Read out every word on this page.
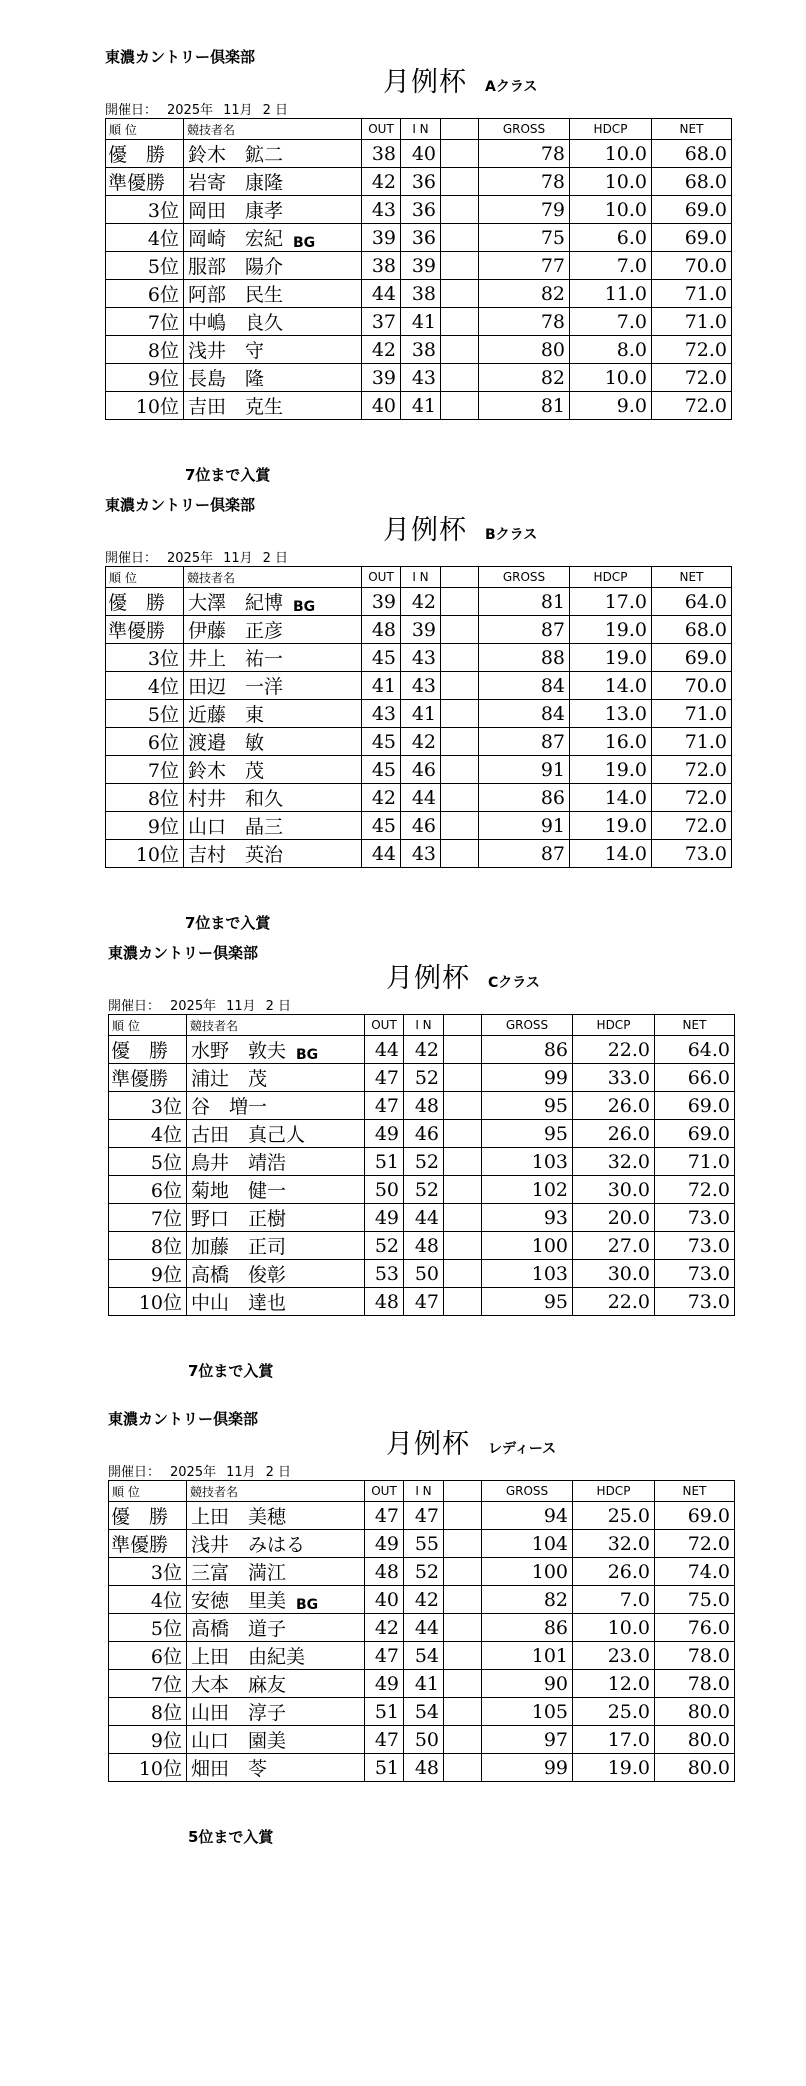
東濃カントリー倶楽部
月例杯 Aクラス
開催日： 2025年 11月 2 日
順 位	競技者名	OUT	I N		GROSS	HDCP	NET
優　勝	鈴木　鉱二	38	40		78	10.0	68.0
準優勝	岩寄　康隆	42	36		78	10.0	68.0
3位	岡田　康孝	43	36		79	10.0	69.0
4位	岡崎　宏紀 BG	39	36		75	6.0	69.0
5位	服部　陽介	38	39		77	7.0	70.0
6位	阿部　民生	44	38		82	11.0	71.0
7位	中嶋　良久	37	41		78	7.0	71.0
8位	浅井　守	42	38		80	8.0	72.0
9位	長島　隆	39	43		82	10.0	72.0
10位	吉田　克生	40	41		81	9.0	72.0
7位まで入賞
東濃カントリー倶楽部
月例杯 Bクラス
開催日： 2025年 11月 2 日
順 位	競技者名	OUT	I N		GROSS	HDCP	NET
優　勝	大澤　紀博 BG	39	42		81	17.0	64.0
準優勝	伊藤　正彦	48	39		87	19.0	68.0
3位	井上　祐一	45	43		88	19.0	69.0
4位	田辺　一洋	41	43		84	14.0	70.0
5位	近藤　東	43	41		84	13.0	71.0
6位	渡邉　敏	45	42		87	16.0	71.0
7位	鈴木　茂	45	46		91	19.0	72.0
8位	村井　和久	42	44		86	14.0	72.0
9位	山口　晶三	45	46		91	19.0	72.0
10位	吉村　英治	44	43		87	14.0	73.0
7位まで入賞
東濃カントリー倶楽部
月例杯 Cクラス
開催日： 2025年 11月 2 日
順 位	競技者名	OUT	I N		GROSS	HDCP	NET
優　勝	水野　敦夫 BG	44	42		86	22.0	64.0
準優勝	浦辻　茂	47	52		99	33.0	66.0
3位	谷　増一	47	48		95	26.0	69.0
4位	古田　真己人	49	46		95	26.0	69.0
5位	鳥井　靖浩	51	52		103	32.0	71.0
6位	菊地　健一	50	52		102	30.0	72.0
7位	野口　正樹	49	44		93	20.0	73.0
8位	加藤　正司	52	48		100	27.0	73.0
9位	高橋　俊彰	53	50		103	30.0	73.0
10位	中山　達也	48	47		95	22.0	73.0
7位まで入賞
東濃カントリー倶楽部
月例杯 レディース
開催日： 2025年 11月 2 日
順 位	競技者名	OUT	I N		GROSS	HDCP	NET
優　勝	上田　美穂	47	47		94	25.0	69.0
準優勝	浅井　みはる	49	55		104	32.0	72.0
3位	三富　満江	48	52		100	26.0	74.0
4位	安徳　里美 BG	40	42		82	7.0	75.0
5位	高橋　道子	42	44		86	10.0	76.0
6位	上田　由紀美	47	54		101	23.0	78.0
7位	大本　麻友	49	41		90	12.0	78.0
8位	山田　淳子	51	54		105	25.0	80.0
9位	山口　園美	47	50		97	17.0	80.0
10位	畑田　苓	51	48		99	19.0	80.0
5位まで入賞
